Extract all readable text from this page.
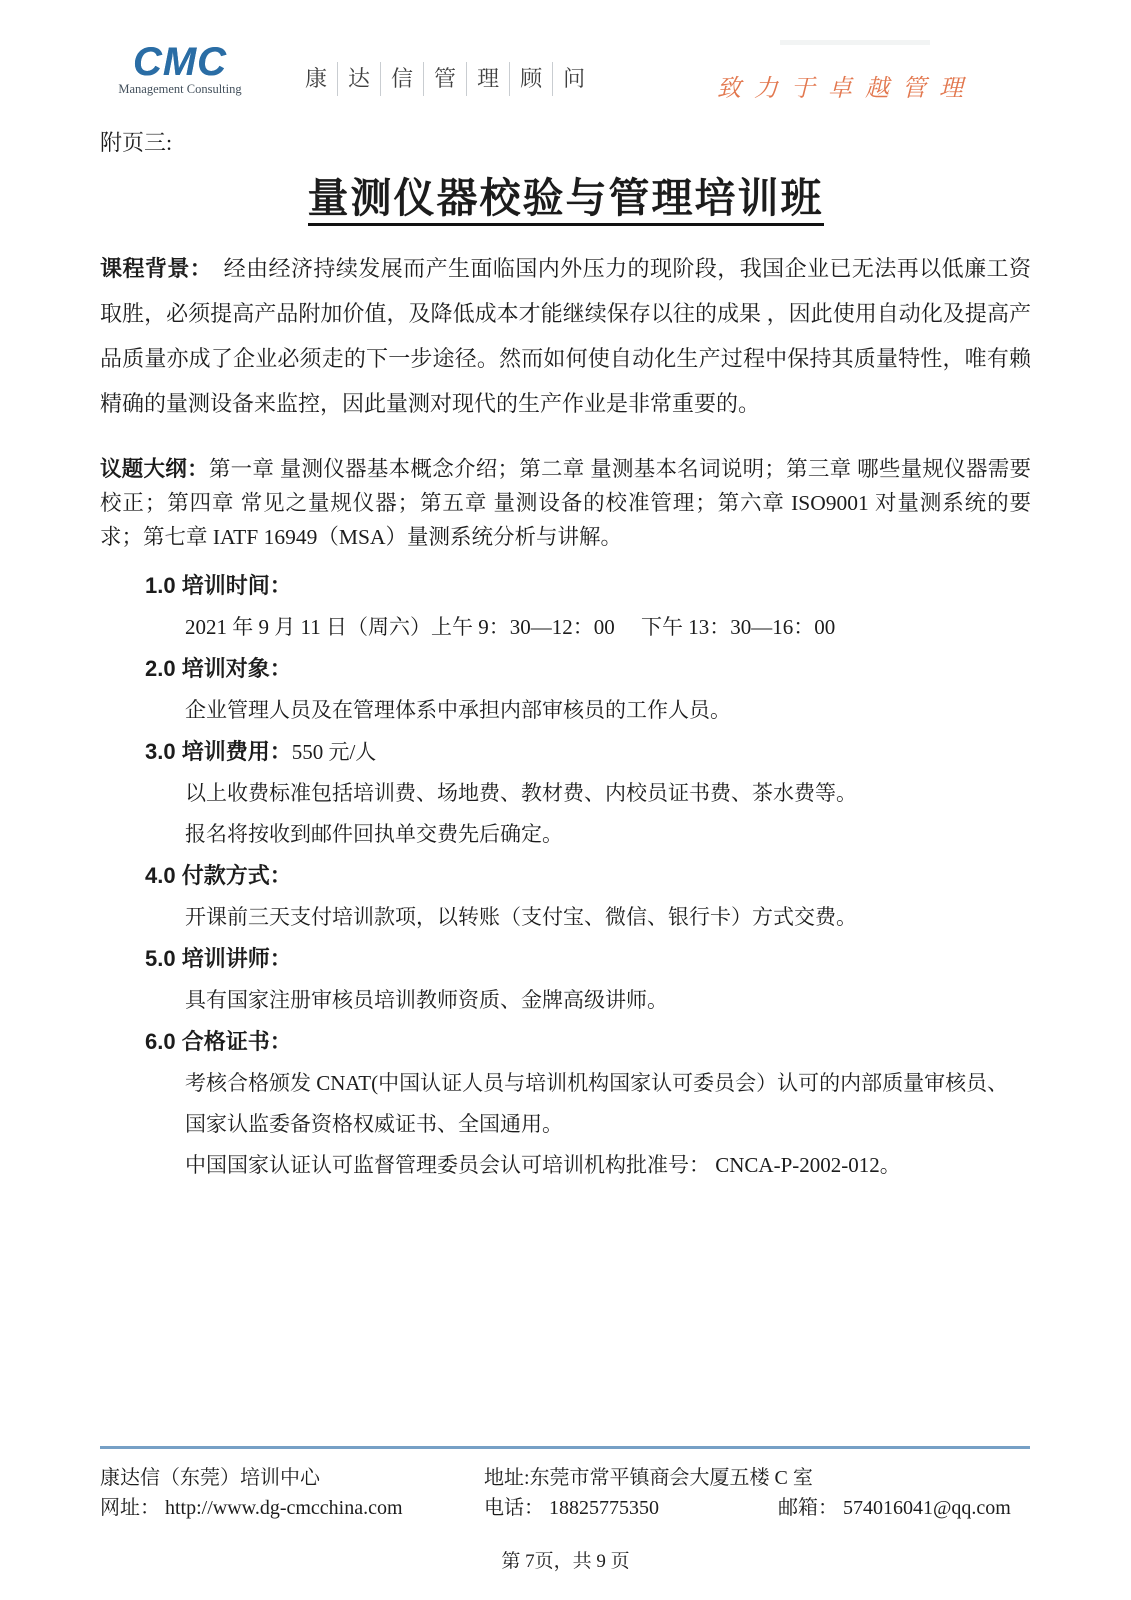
CMC
Management Consulting	康 达 信 管 理 顾 问	致力于卓越管理
附页三:
量测仪器校验与管理培训班

课程背景：　经由经济持续发展而产生面临国内外压力的现阶段，我国企业已无法再以低廉工资取胜，必须提高产品附加价值，及降低成本才能继续保存以往的成果 ，因此使用自动化及提高产品质量亦成了企业必须走的下一步途径。然而如何使自动化生产过程中保持其质量特性，唯有赖精确的量测设备来监控，因此量测对现代的生产作业是非常重要的。

议题大纲：第一章 量测仪器基本概念介绍；第二章 量测基本名词说明；第三章 哪些量规仪器需要校正；第四章 常见之量规仪器；第五章 量测设备的校准管理；第六章 ISO9001 对量测系统的要求；第七章 IATF 16949（MSA）量测系统分析与讲解。

1.0 培训时间：

2021 年 9 月 11 日（周六）上午 9：30—12：00　 下午 13：30—16：00

2.0 培训对象：

企业管理人员及在管理体系中承担内部审核员的工作人员。

3.0 培训费用：550 元/人

以上收费标准包括培训费、场地费、教材费、内校员证书费、茶水费等。

报名将按收到邮件回执单交费先后确定。

4.0 付款方式：

开课前三天支付培训款项，以转账（支付宝、微信、银行卡）方式交费。

5.0 培训讲师：

具有国家注册审核员培训教师资质、金牌高级讲师。

6.0 合格证书：

考核合格颁发 CNAT(中国认证人员与培训机构国家认可委员会）认可的内部质量审核员、

国家认监委备资格权威证书、全国通用。

中国国家认证认可监督管理委员会认可培训机构批准号： CNCA-P-2002-012。

康达信（东莞）培训中心	地址:东莞市常平镇商会大厦五楼 C 室
网址： http://www.dg-cmcchina.com	电话： 18825775350	邮箱： 574016041@qq.com
第 7页，共 9 页
